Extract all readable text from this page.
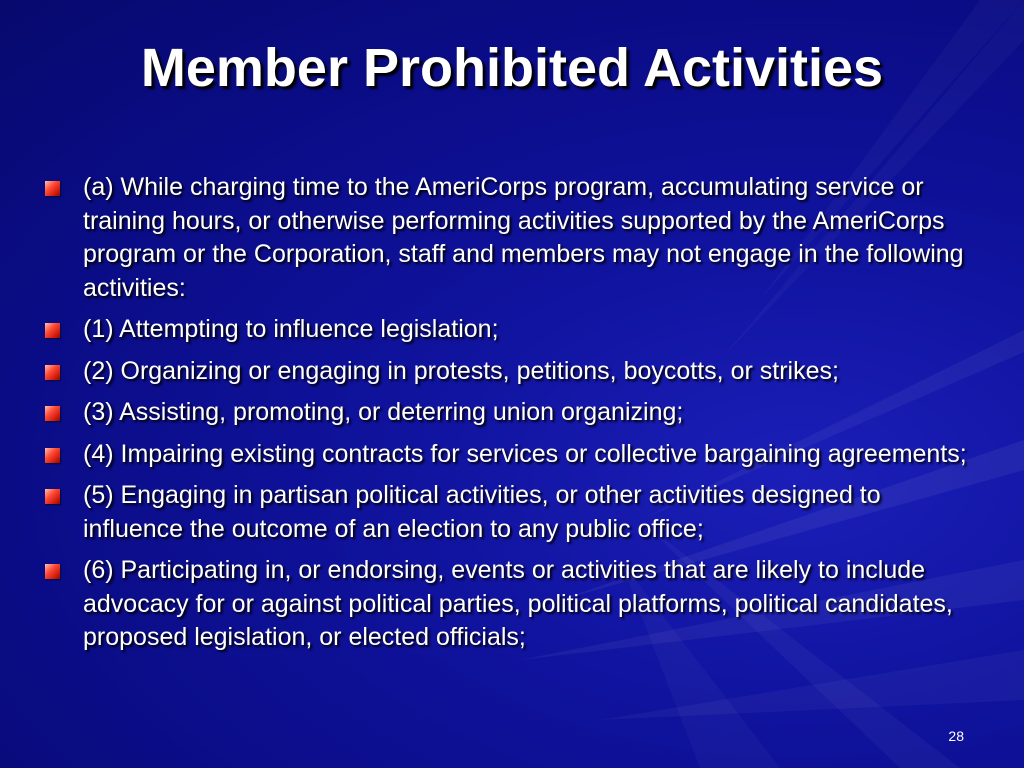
Member Prohibited Activities
(a) While charging time to the AmeriCorps program, accumulating service or training hours, or otherwise performing activities supported by the AmeriCorps program or the Corporation, staff and members may not engage in the following activities:
(1) Attempting to influence legislation;
(2) Organizing or engaging in protests, petitions, boycotts, or strikes;
(3) Assisting, promoting, or deterring union organizing;
(4) Impairing existing contracts for services or collective bargaining agreements;
(5) Engaging in partisan political activities, or other activities designed to influence the outcome of an election to any public office;
(6) Participating in, or endorsing, events or activities that are likely to include advocacy for or against political parties, political platforms, political candidates, proposed legislation, or elected officials;
28
